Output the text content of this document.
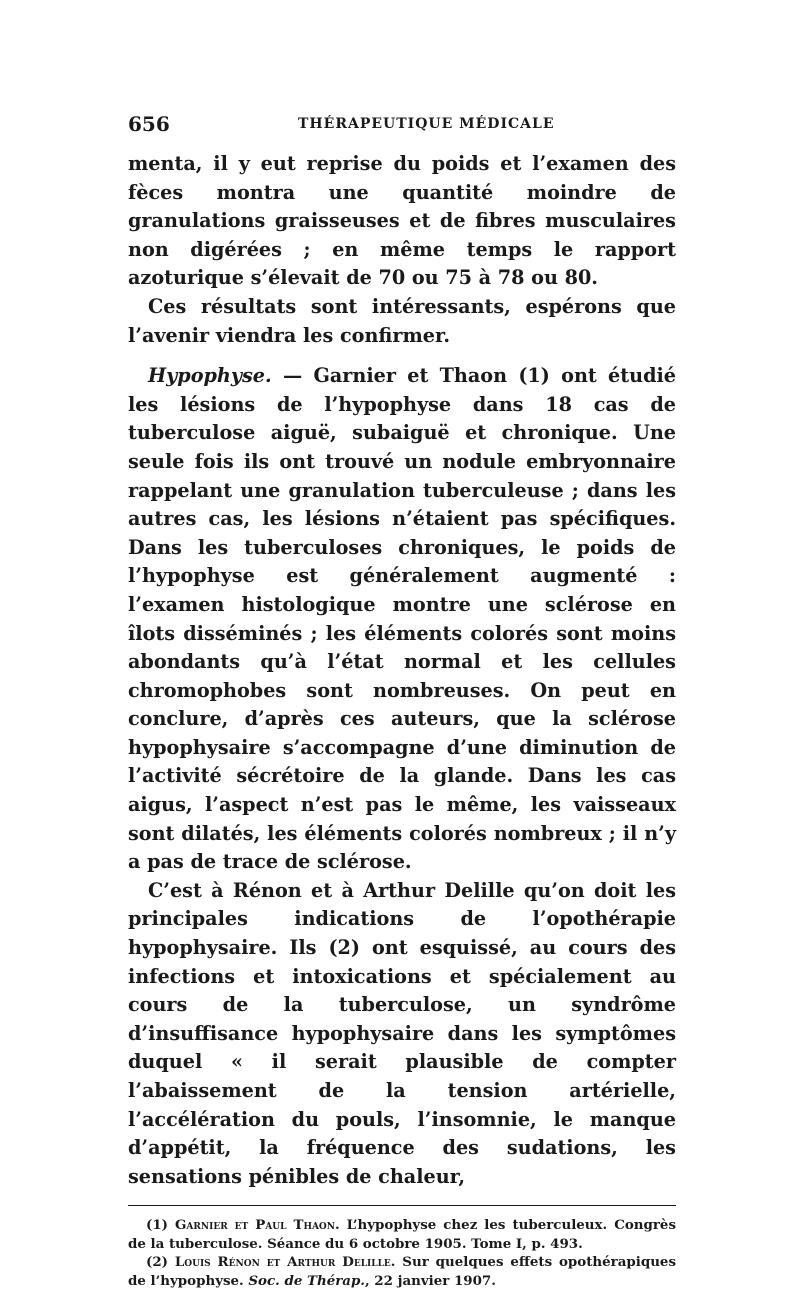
656	THÉRAPEUTIQUE MÉDICALE

menta, il y eut reprise du poids et l’examen des fèces montra une quantité moindre de granulations graisseuses et de fibres musculaires non digérées ; en même temps le rapport azoturique s’élevait de 70 ou 75 à 78 ou 80.

Ces résultats sont intéressants, espérons que l’avenir viendra les confirmer.

Hypophyse. — Garnier et Thaon (1) ont étudié les lésions de l’hypophyse dans 18 cas de tuberculose aiguë, subaiguë et chronique. Une seule fois ils ont trouvé un nodule embryonnaire rappelant une granulation tuberculeuse ; dans les autres cas, les lésions n’étaient pas spécifiques. Dans les tuberculoses chroniques, le poids de l’hypophyse est généralement augmenté : l’examen histologique montre une sclérose en îlots disséminés ; les éléments colorés sont moins abondants qu’à l’état normal et les cellules chromophobes sont nombreuses. On peut en conclure, d’après ces auteurs, que la sclérose hypophysaire s’accompagne d’une diminution de l’activité sécrétoire de la glande. Dans les cas aigus, l’aspect n’est pas le même, les vaisseaux sont dilatés, les éléments colorés nombreux ; il n’y a pas de trace de sclérose.

C’est à Rénon et à Arthur Delille qu’on doit les principales indications de l’opothérapie hypophysaire. Ils (2) ont esquissé, au cours des infections et intoxications et spécialement au cours de la tuberculose, un syndrôme d’insuffisance hypophysaire dans les symptômes duquel « il serait plausible de compter l’abaissement de la tension artérielle, l’accélération du pouls, l’insomnie, le manque d’appétit, la fréquence des sudations, les sensations pénibles de chaleur,

(1) Garnier et Paul Thaon. L’hypophyse chez les tuberculeux. Congrès de la tuberculose. Séance du 6 octobre 1905. Tome I, p. 493.

(2) Louis Rénon et Arthur Delille. Sur quelques effets opothérapiques de l’hypophyse. Soc. de Thérap., 22 janvier 1907.
